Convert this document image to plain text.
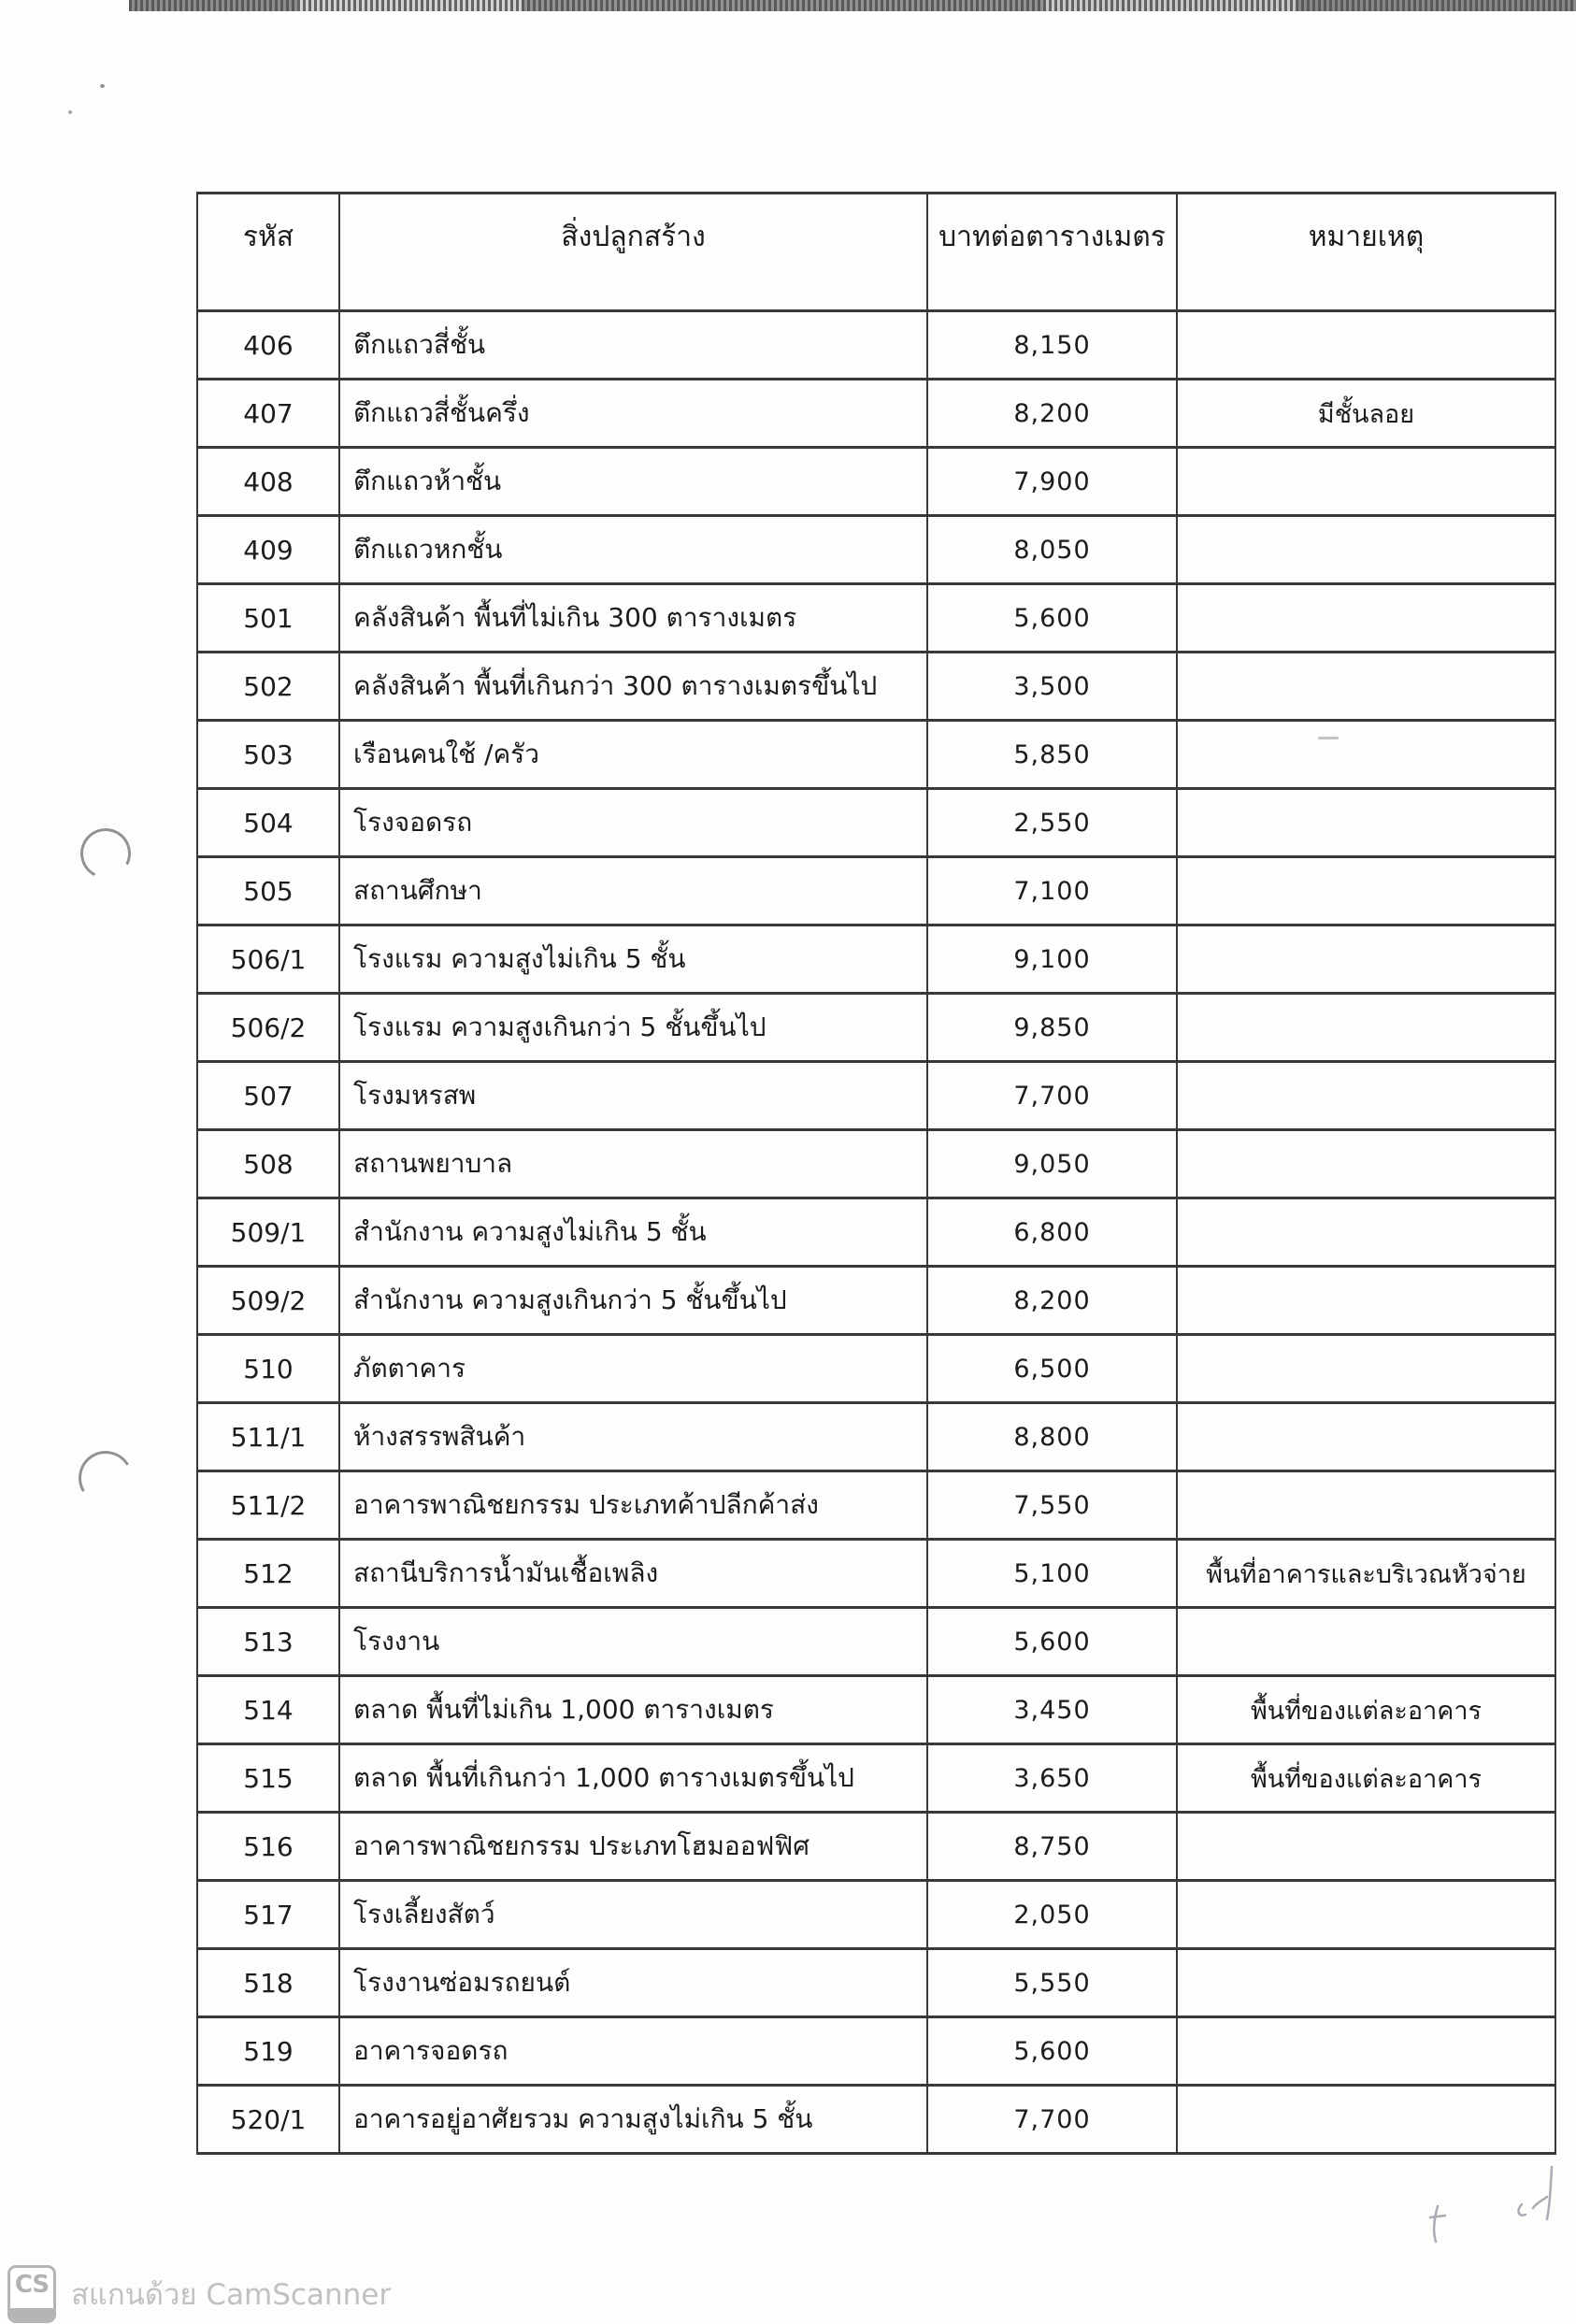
รหัส	สิ่งปลูกสร้าง	บาทต่อตารางเมตร	หมายเหตุ
406	ตึกแถวสี่ชั้น	8,150	
407	ตึกแถวสี่ชั้นครึ่ง	8,200	มีชั้นลอย
408	ตึกแถวห้าชั้น	7,900	
409	ตึกแถวหกชั้น	8,050	
501	คลังสินค้า พื้นที่ไม่เกิน 300 ตารางเมตร	5,600	
502	คลังสินค้า พื้นที่เกินกว่า 300 ตารางเมตรขึ้นไป	3,500	
503	เรือนคนใช้ /ครัว	5,850	
504	โรงจอดรถ	2,550	
505	สถานศึกษา	7,100	
506/1	โรงแรม ความสูงไม่เกิน 5 ชั้น	9,100	
506/2	โรงแรม ความสูงเกินกว่า 5 ชั้นขึ้นไป	9,850	
507	โรงมหรสพ	7,700	
508	สถานพยาบาล	9,050	
509/1	สำนักงาน ความสูงไม่เกิน 5 ชั้น	6,800	
509/2	สำนักงาน ความสูงเกินกว่า 5 ชั้นขึ้นไป	8,200	
510	ภัตตาคาร	6,500	
511/1	ห้างสรรพสินค้า	8,800	
511/2	อาคารพาณิชยกรรม ประเภทค้าปลีกค้าส่ง	7,550	
512	สถานีบริการน้ำมันเชื้อเพลิง	5,100	พื้นที่อาคารและบริเวณหัวจ่าย
513	โรงงาน	5,600	
514	ตลาด พื้นที่ไม่เกิน 1,000 ตารางเมตร	3,450	พื้นที่ของแต่ละอาคาร
515	ตลาด พื้นที่เกินกว่า 1,000 ตารางเมตรขึ้นไป	3,650	พื้นที่ของแต่ละอาคาร
516	อาคารพาณิชยกรรม ประเภทโฮมออฟฟิศ	8,750	
517	โรงเลี้ยงสัตว์	2,050	
518	โรงงานซ่อมรถยนต์	5,550	
519	อาคารจอดรถ	5,600	
520/1	อาคารอยู่อาศัยรวม ความสูงไม่เกิน 5 ชั้น	7,700	
CS สแกนด้วย CamScanner
